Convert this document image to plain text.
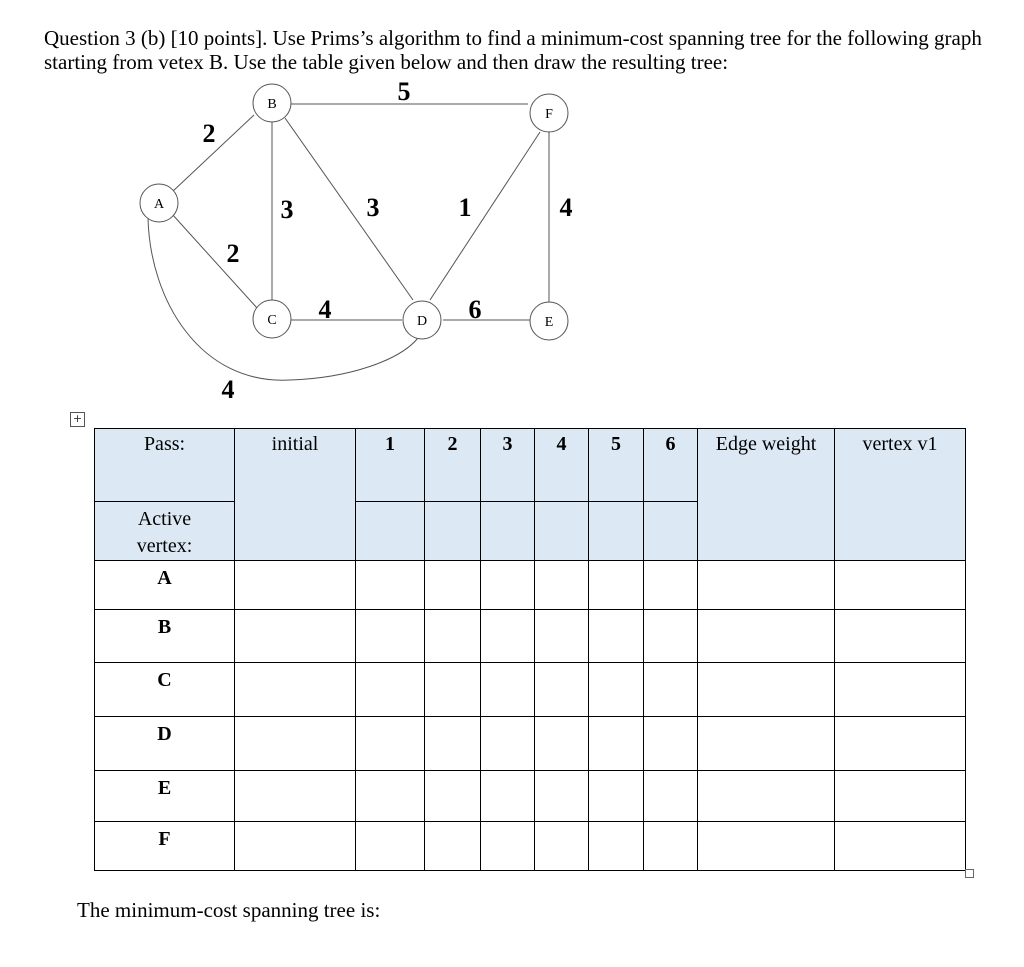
Question 3 (b) [10 points]. Use Prims’s algorithm to find a minimum-cost spanning tree for the following graph
starting from vetex B. Use the table given below and then draw the resulting tree:
A
B
F
C	D	E
2
5
3	3	1	4
2
4	6
4
+
Pass:	initial	1	2	3	4	5	6	Edge weight	vertex v1

Active vertex:									

A									

B									

C									

D									

E									

F									

The minimum-cost spanning tree is:
